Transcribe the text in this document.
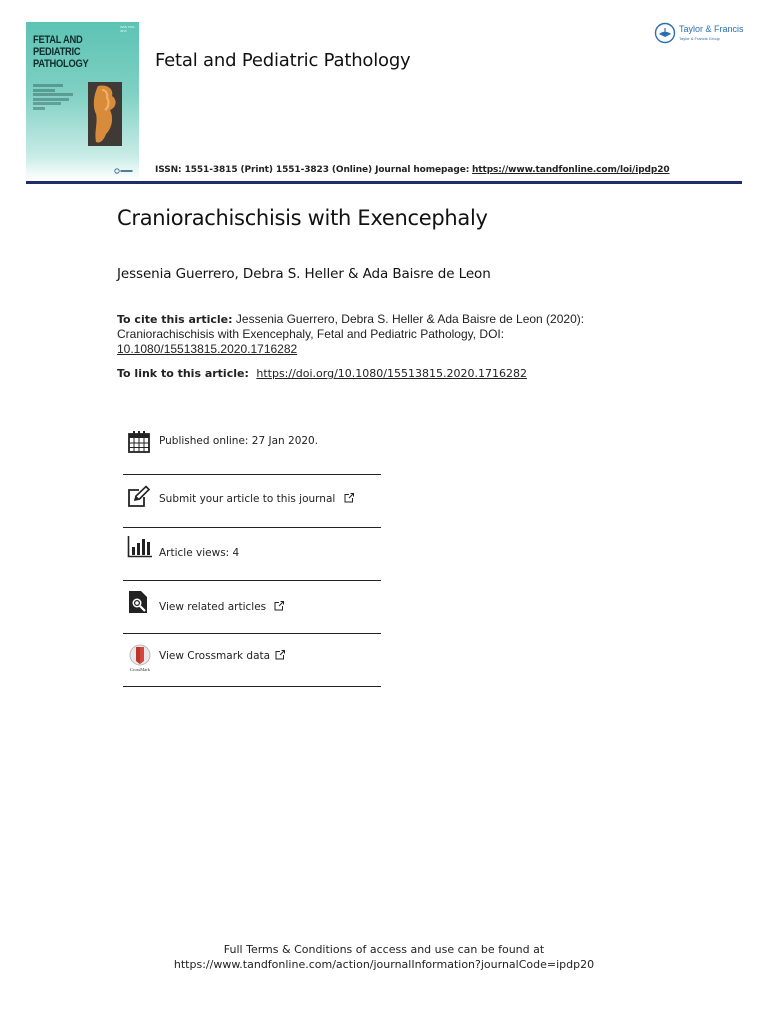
ISSN 1551-3815
FETAL AND PEDIATRIC PATHOLOGY	Fetal and Pediatric Pathology
Taylor & Francis
Taylor & Francis Group
ISSN: 1551-3815 (Print) 1551-3823 (Online) Journal homepage: https://www.tandfonline.com/loi/ipdp20
Craniorachischisis with Exencephaly
Jessenia Guerrero, Debra S. Heller & Ada Baisre de Leon
To cite this article: Jessenia Guerrero, Debra S. Heller & Ada Baisre de Leon (2020): Craniorachischisis with Exencephaly, Fetal and Pediatric Pathology, DOI:
10.1080/15513815.2020.1716282
To link to this article: https://doi.org/10.1080/15513815.2020.1716282
Published online: 27 Jan 2020.
Submit your article to this journal
Article views: 4
View related articles
CrossMark
View Crossmark data
Full Terms & Conditions of access and use can be found at
https://www.tandfonline.com/action/journalInformation?journalCode=ipdp20
